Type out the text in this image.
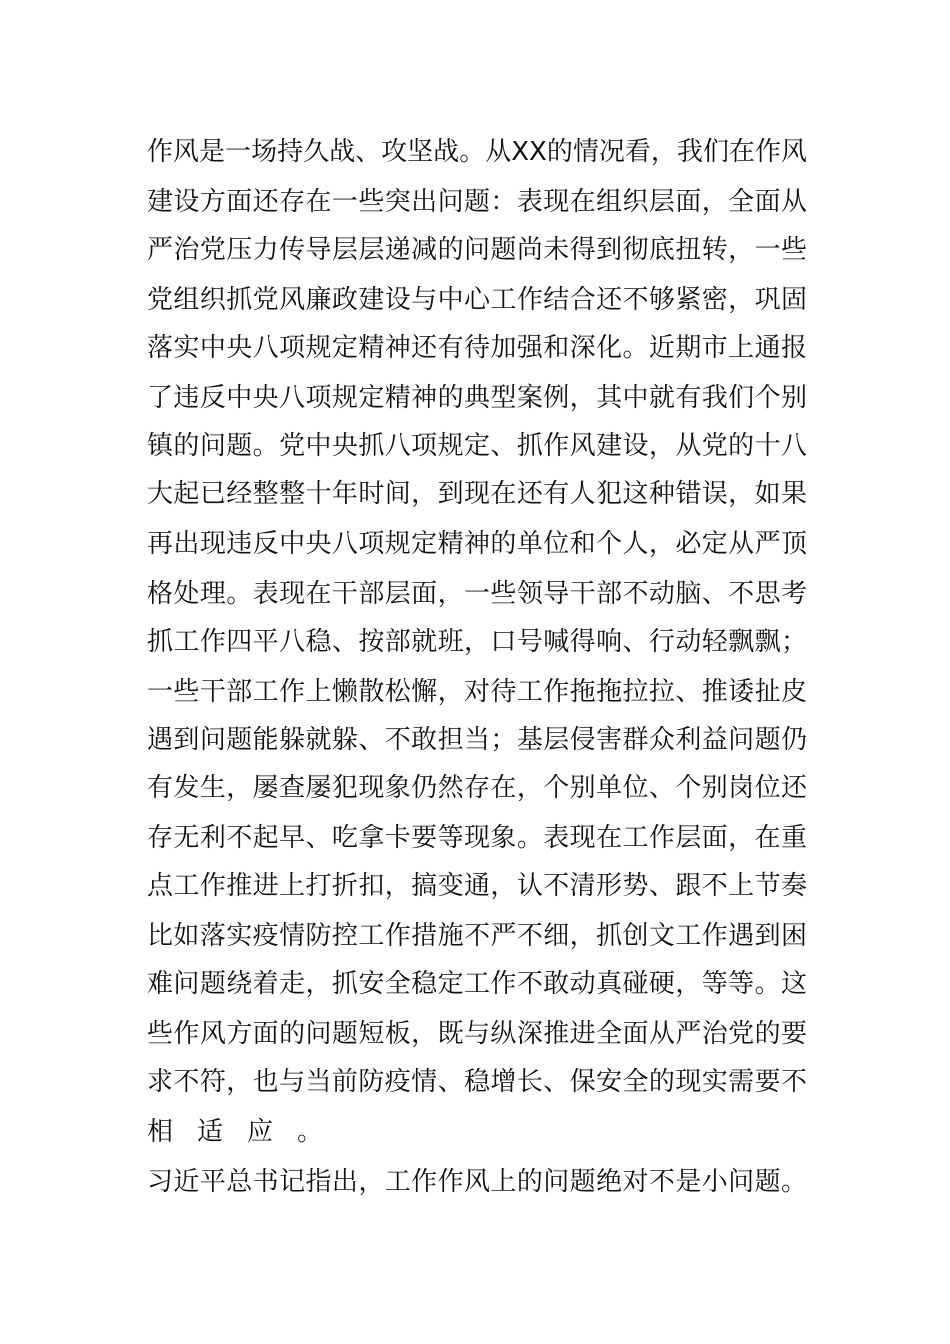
作风是一场持久战、攻坚战。从XX的情况看，我们在作风
建设方面还存在一些突出问题：表现在组织层面，全面从
严治党压力传导层层递减的问题尚未得到彻底扭转，一些
党组织抓党风廉政建设与中心工作结合还不够紧密，巩固
落实中央八项规定精神还有待加强和深化。近期市上通报
了违反中央八项规定精神的典型案例，其中就有我们个别
镇的问题。党中央抓八项规定、抓作风建设，从党的十八
大起已经整整十年时间，到现在还有人犯这种错误，如果
再出现违反中央八项规定精神的单位和个人，必定从严顶
格处理。表现在干部层面，一些领导干部不动脑、不思考
抓工作四平八稳、按部就班，口号喊得响、行动轻飘飘；
一些干部工作上懒散松懈，对待工作拖拖拉拉、推诿扯皮
遇到问题能躲就躲、不敢担当；基层侵害群众利益问题仍
有发生，屡查屡犯现象仍然存在，个别单位、个别岗位还
存无利不起早、吃拿卡要等现象。表现在工作层面，在重
点工作推进上打折扣，搞变通，认不清形势、跟不上节奏
比如落实疫情防控工作措施不严不细，抓创文工作遇到困
难问题绕着走，抓安全稳定工作不敢动真碰硬，等等。这
些作风方面的问题短板，既与纵深推进全面从严治党的要
求不符，也与当前防疫情、稳增长、保安全的现实需要不
相适应。
习近平总书记指出，工作作风上的问题绝对不是小问题。
